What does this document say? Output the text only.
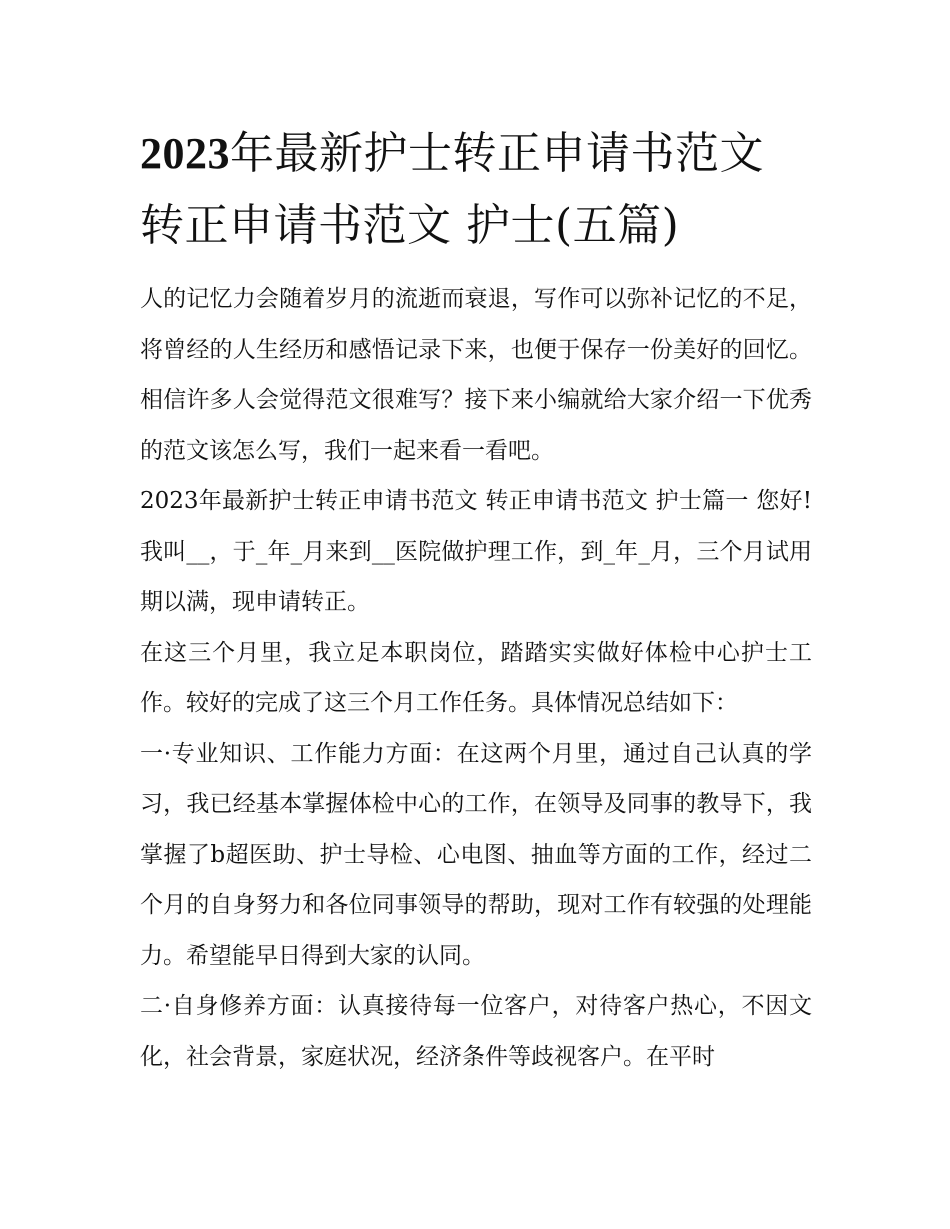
2023年最新护士转正申请书范文 转正申请书范文 护士(五篇)

人的记忆力会随着岁月的流逝而衰退，写作可以弥补记忆的不足，将曾经的人生经历和感悟记录下来，也便于保存一份美好的回忆。相信许多人会觉得范文很难写？接下来小编就给大家介绍一下优秀的范文该怎么写，我们一起来看一看吧。

2023年最新护士转正申请书范文 转正申请书范文 护士篇一 您好! 我叫__，于_年_月来到__医院做护理工作，到_年_月，三个月试用期以满，现申请转正。

在这三个月里，我立足本职岗位，踏踏实实做好体检中心护士工作。较好的完成了这三个月工作任务。具体情况总结如下：

一·专业知识、工作能力方面：在这两个月里，通过自己认真的学习，我已经基本掌握体检中心的工作，在领导及同事的教导下，我掌握了b超医助、护士导检、心电图、抽血等方面的工作，经过二个月的自身努力和各位同事领导的帮助，现对工作有较强的处理能力。希望能早日得到大家的认同。

二·自身修养方面：认真接待每一位客户，对待客户热心，不因文化，社会背景，家庭状况，经济条件等歧视客户。在平时
